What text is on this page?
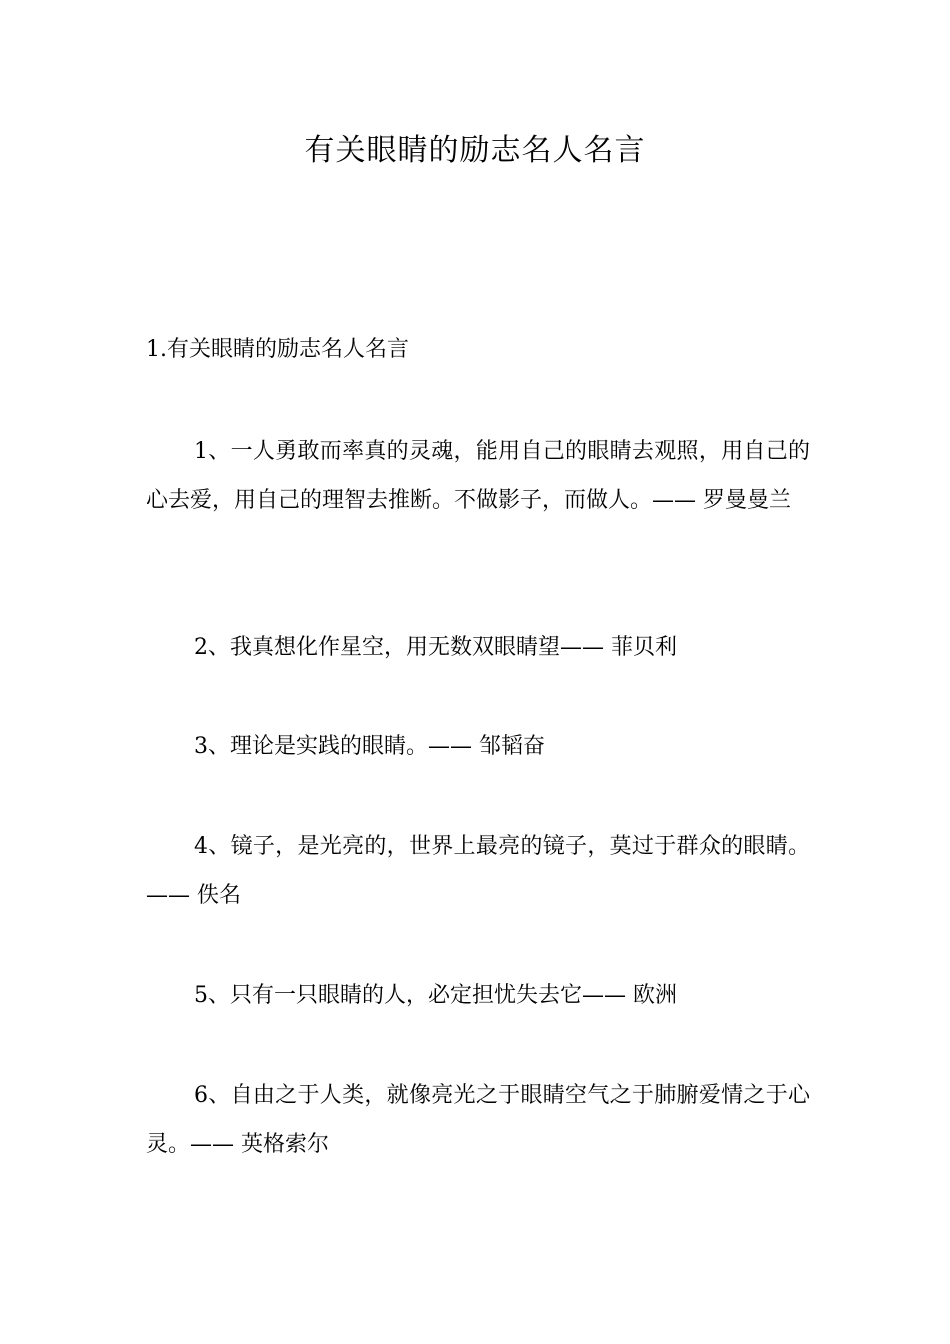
有关眼睛的励志名人名言
1.有关眼睛的励志名人名言

1、一人勇敢而率真的灵魂，能用自己的眼睛去观照，用自己的心去爱，用自己的理智去推断。不做影子，而做人。—— 罗曼曼兰

2、我真想化作星空，用无数双眼睛望—— 菲贝利

3、理论是实践的眼睛。—— 邹韬奋

4、镜子，是光亮的，世界上最亮的镜子，莫过于群众的眼睛。—— 佚名

5、只有一只眼睛的人，必定担忧失去它—— 欧洲

6、自由之于人类，就像亮光之于眼睛空气之于肺腑爱情之于心灵。—— 英格索尔
